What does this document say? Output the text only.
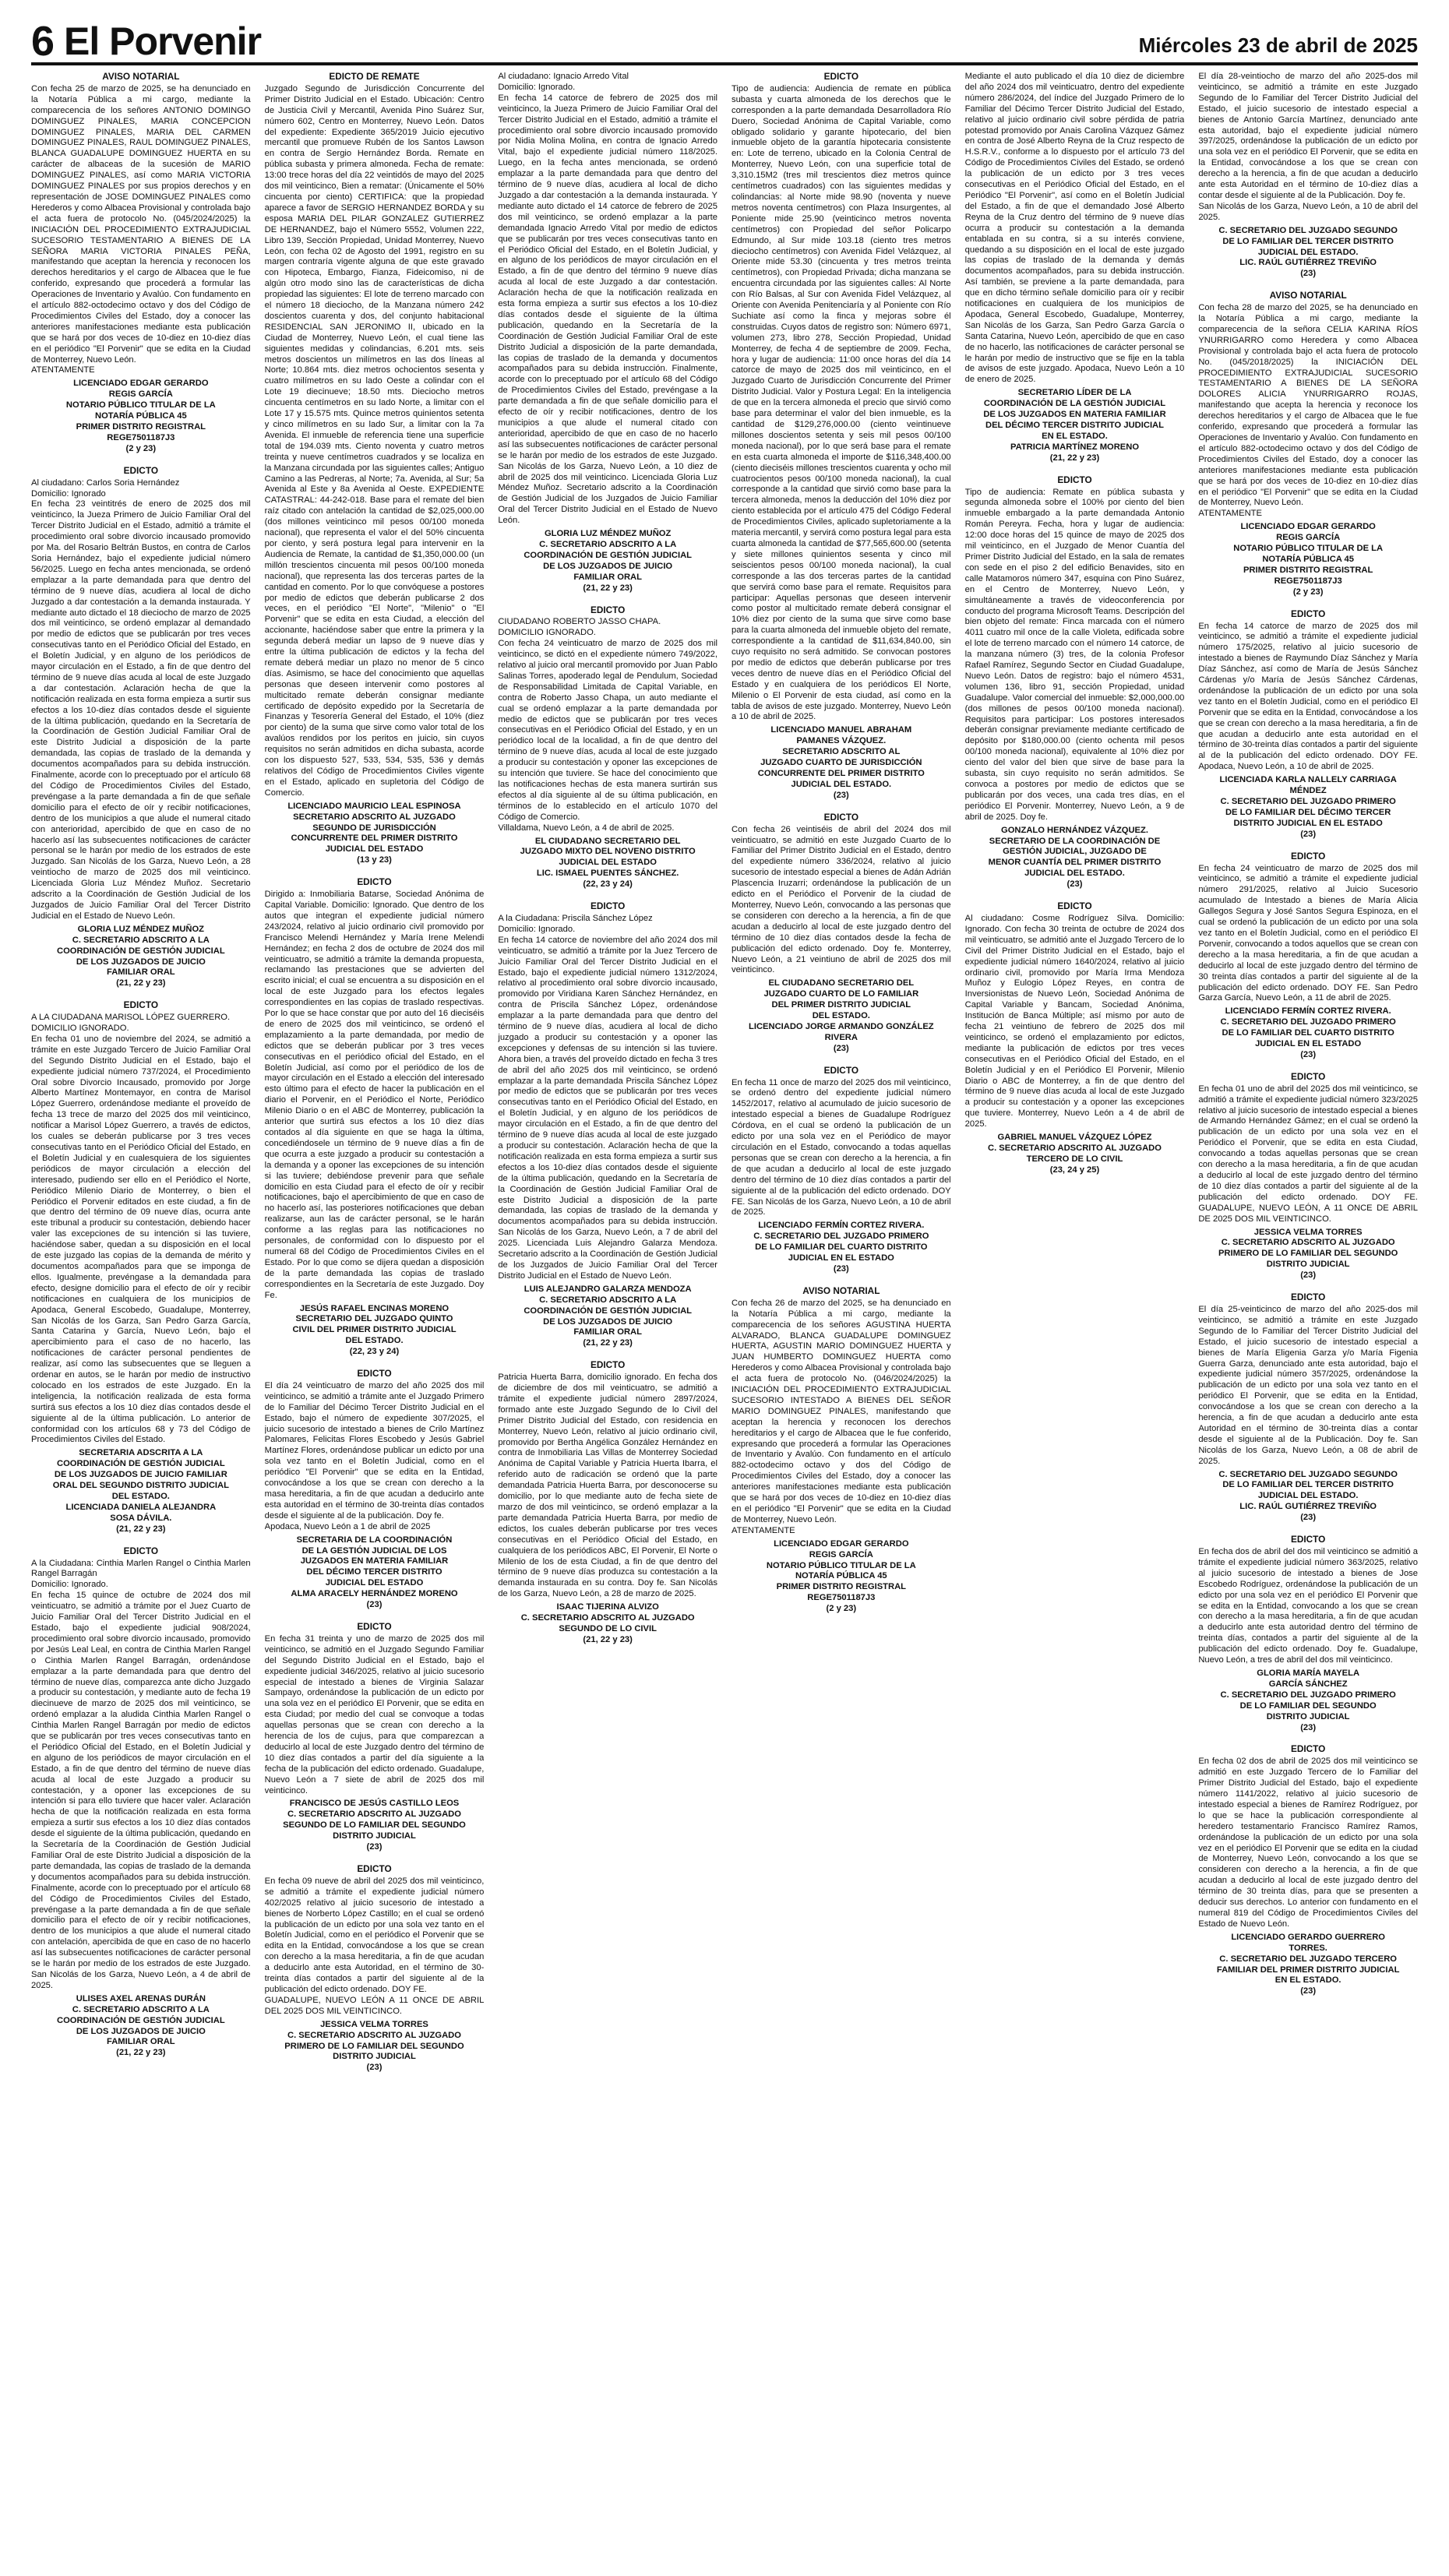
6 El Porvenir	Miércoles 23 de abril de 2025
AVISO NOTARIAL
Con fecha 25 de marzo de 2025, se ha denunciado en la Notaría Pública a mi cargo, mediante la comparecencia de los señores ANTONIO DOMINGO DOMINGUEZ PINALES, MARIA CONCEPCION DOMINGUEZ PINALES, MARIA DEL CARMEN DOMINGUEZ PINALES, RAUL DOMINGUEZ PINALES, BLANCA GUADALUPE DOMINGUEZ HUERTA en su carácter de albaceas de la sucesión de MARIO DOMINGUEZ PINALES, así como MARIA VICTORIA DOMINGUEZ PINALES por sus propios derechos y en representación de JOSE DOMINGUEZ PINALES como Herederos y como Albacea Provisional y controlada bajo el acta fuera de protocolo No. (045/2024/2025) la INICIACIÓN DEL PROCEDIMIENTO EXTRAJUDICIAL SUCESORIO TESTAMENTARIO A BIENES DE LA SEÑORA MARIA VICTORIA PINALES PEÑA, manifestando que aceptan la herencia y reconocen los derechos hereditarios y el cargo de Albacea que le fue conferido, expresando que procederá a formular las Operaciones de Inventario y Avalúo. Con fundamento en el artículo 882-octodecimo octavo y dos del Código de Procedimientos Civiles del Estado, doy a conocer las anteriores manifestaciones mediante esta publicación que se hará por dos veces de 10-diez en 10-diez días en el periódico "El Porvenir" que se edita en la Ciudad de Monterrey, Nuevo León.
ATENTAMENTE
LICENCIADO EDGAR GERARDO
REGIS GARCÍA
NOTARIO PÚBLICO TITULAR DE LA
NOTARÍA PÚBLICA 45
PRIMER DISTRITO REGISTRAL
REGE7501187J3
(2 y 23)
EDICTO
Al ciudadano: Carlos Soria Hernández
Domicilio: Ignorado
En fecha 23 veintitrés de enero de 2025 dos mil veinticinco, la Jueza Primero de Juicio Familiar Oral del Tercer Distrito Judicial en el Estado, admitió a trámite el procedimiento oral sobre divorcio incausado promovido por Ma. del Rosario Beltrán Bustos, en contra de Carlos Soria Hernández, bajo el expediente judicial número 56/2025. Luego en fecha antes mencionada, se ordenó emplazar a la parte demandada para que dentro del término de 9 nueve días, acudiera al local de dicho Juzgado a dar contestación a la demanda instaurada. Y mediante auto dictado el 18 dieciocho de marzo de 2025 dos mil veinticinco, se ordenó emplazar al demandado por medio de edictos que se publicarán por tres veces consecutivas tanto en el Periódico Oficial del Estado, en el Boletín Judicial, y en alguno de los periódicos de mayor circulación en el Estado, a fin de que dentro del término de 9 nueve días acuda al local de este Juzgado a dar contestación. Aclaración hecha de que la notificación realizada en esta forma empieza a surtir sus efectos a los 10-diez días contados desde el siguiente de la última publicación, quedando en la Secretaría de la Coordinación de Gestión Judicial Familiar Oral de este Distrito Judicial a disposición de la parte demandada, las copias de traslado de la demanda y documentos acompañados para su debida instrucción. Finalmente, acorde con lo preceptuado por el artículo 68 del Código de Procedimientos Civiles del Estado, prevéngase a la parte demandada a fin de que señale domicilio para el efecto de oír y recibir notificaciones, dentro de los municipios a que alude el numeral citado con anterioridad, apercibido de que en caso de no hacerlo así las subsecuentes notificaciones de carácter personal se le harán por medio de los estrados de este Juzgado. San Nicolás de los Garza, Nuevo León, a 28 veintiocho de marzo de 2025 dos mil veinticinco. Licenciada Gloria Luz Méndez Muñoz. Secretario adscrito a la Coordinación de Gestión Judicial de los Juzgados de Juicio Familiar Oral del Tercer Distrito Judicial en el Estado de Nuevo León.
GLORIA LUZ MÉNDEZ MUÑOZ
C. SECRETARIO ADSCRITO A LA
COORDINACIÓN DE GESTIÓN JUDICIAL
DE LOS JUZGADOS DE JUICIO
FAMILIAR ORAL
(21, 22 y 23)
EDICTO
A LA CIUDADANA MARISOL LÓPEZ GUERRERO.
DOMICILIO IGNORADO.
En fecha 01 uno de noviembre del 2024, se admitió a trámite en este Juzgado Tercero de Juicio Familiar Oral del Segundo Distrito Judicial en el Estado, bajo el expediente judicial número 737/2024, el Procedimiento Oral sobre Divorcio Incausado, promovido por Jorge Alberto Martínez Montemayor, en contra de Marisol López Guerrero, ordenándose mediante el proveído de fecha 13 trece de marzo del 2025 dos mil veinticinco, notificar a Marisol López Guerrero, a través de edictos, los cuales se deberán publicarse por 3 tres veces consecutivas tanto en el Periódico Oficial del Estado, en el Boletín Judicial y en cualesquiera de los siguientes periódicos de mayor circulación a elección del interesado, pudiendo ser ello en el Periódico el Norte, Periódico Milenio Diario de Monterrey, o bien el Periódico el Porvenir editados en este ciudad, a fin de que dentro del término de 09 nueve días, ocurra ante este tribunal a producir su contestación, debiendo hacer valer las excepciones de su intención si las tuviere, haciéndose saber, quedan a su disposición en el local de este juzgado las copias de la demanda de mérito y documentos acompañados para que se imponga de ellos. Igualmente, prevéngase a la demandada para efecto, designe domicilio para el efecto de oír y recibir notificaciones en cualquiera de los municipios de Apodaca, General Escobedo, Guadalupe, Monterrey, San Nicolás de los Garza, San Pedro Garza García, Santa Catarina y García, Nuevo León, bajo el apercibimiento para el caso de no hacerlo, las notificaciones de carácter personal pendientes de realizar, así como las subsecuentes que se lleguen a ordenar en autos, se le harán por medio de instructivo colocado en los estrados de este Juzgado. En la inteligencia, la notificación realizada de esta forma surtirá sus efectos a los 10 diez días contados desde el siguiente al de la última publicación. Lo anterior de conformidad con los artículos 68 y 73 del Código de Procedimientos Civiles del Estado.
SECRETARIA ADSCRITA A LA
COORDINACIÓN DE GESTIÓN JUDICIAL
DE LOS JUZGADOS DE JUICIO FAMILIAR
ORAL DEL SEGUNDO DISTRITO JUDICIAL
DEL ESTADO.
LICENCIADA DANIELA ALEJANDRA
SOSA DÁVILA.
(21, 22 y 23)
EDICTO
A la Ciudadana: Cinthia Marlen Rangel o Cinthia Marlen Rangel Barragán
Domicilio: Ignorado.
En fecha 15 quince de octubre de 2024 dos mil veinticuatro, se admitió a trámite por el Juez Cuarto de Juicio Familiar Oral del Tercer Distrito Judicial en el Estado, bajo el expediente judicial 908/2024, procedimiento oral sobre divorcio incausado, promovido por Jesús Leal Leal, en contra de Cinthia Marlen Rangel o Cinthia Marlen Rangel Barragán, ordenándose emplazar a la parte demandada para que dentro del término de nueve días, comparezca ante dicho Juzgado a producir su contestación, y mediante auto de fecha 19 diecinueve de marzo de 2025 dos mil veinticinco, se ordenó emplazar a la aludida Cinthia Marlen Rangel o Cinthia Marlen Rangel Barragán por medio de edictos que se publicarán por tres veces consecutivas tanto en el Periódico Oficial del Estado, en el Boletín Judicial y en alguno de los periódicos de mayor circulación en el Estado, a fin de que dentro del término de nueve días acuda al local de este Juzgado a producir su contestación, y a oponer las excepciones de su intención si para ello tuviere que hacer valer. Aclaración hecha de que la notificación realizada en esta forma empieza a surtir sus efectos a los 10 diez días contados desde el siguiente de la última publicación, quedando en la Secretaría de la Coordinación de Gestión Judicial Familiar Oral de este Distrito Judicial a disposición de la parte demandada, las copias de traslado de la demanda y documentos acompañados para su debida instrucción. Finalmente, acorde con lo preceptuado por el artículo 68 del Código de Procedimientos Civiles del Estado, prevéngase a la parte demandada a fin de que señale domicilio para el efecto de oír y recibir notificaciones, dentro de los municipios a que alude el numeral citado con antelación, apercibida de que en caso de no hacerlo así las subsecuentes notificaciones de carácter personal se le harán por medio de los estrados de este Juzgado. San Nicolás de los Garza, Nuevo León, a 4 de abril de 2025.
ULISES AXEL ARENAS DURÁN
C. SECRETARIO ADSCRITO A LA
COORDINACIÓN DE GESTIÓN JUDICIAL
DE LOS JUZGADOS DE JUICIO
FAMILIAR ORAL
(21, 22 y 23)
EDICTO DE REMATE
Juzgado Segundo de Jurisdicción Concurrente del Primer Distrito Judicial en el Estado. Ubicación: Centro de Justicia Civil y Mercantil, Avenida Pino Suárez Sur, número 602, Centro en Monterrey, Nuevo León. Datos del expediente: Expediente 365/2019 Juicio ejecutivo mercantil que promueve Rubén de los Santos Lawson en contra de Sergio Hernández Borda. Remate en pública subasta y primera almoneda. Fecha de remate: 13:00 trece horas del día 22 veintidós de mayo del 2025 dos mil veinticinco, Bien a rematar: (Únicamente el 50% cincuenta por ciento) CERTIFICA: que la propiedad aparece a favor de SERGIO HERNANDEZ BORDA y su esposa MARIA DEL PILAR GONZALEZ GUTIERREZ DE HERNANDEZ, bajo el Número 5552, Volumen 222, Libro 139, Sección Propiedad, Unidad Monterrey, Nuevo León, con fecha 02 de Agosto del 1991, registro en su margen contraría vigente alguna de que este gravado con Hipoteca, Embargo, Fianza, Fideicomiso, ni de algún otro modo sino las de características de dicha propiedad las siguientes: El lote de terreno marcado con el número 18 dieciocho, de la Manzana número 242 doscientos cuarenta y dos, del conjunto habitacional RESIDENCIAL SAN JERONIMO II, ubicado en la Ciudad de Monterrey, Nuevo León, el cual tiene las siguientes medidas y colindancias, 6.201 mts. seis metros doscientos un milímetros en las dos líneas al Norte; 10.864 mts. diez metros ochocientos sesenta y cuatro milímetros en su lado Oeste a colindar con el Lote 19 diecinueve; 18.50 mts. Dieciocho metros cincuenta centímetros en su lado Norte, a limitar con el Lote 17 y 15.575 mts. Quince metros quinientos setenta y cinco milímetros en su lado Sur, a limitar con la 7a Avenida. El inmueble de referencia tiene una superficie total de 194.039 mts. Ciento noventa y cuatro metros treinta y nueve centímetros cuadrados y se localiza en la Manzana circundada por las siguientes calles; Antiguo Camino a las Pedreras, al Norte; 7a. Avenida, al Sur; 5a Avenida al Este y 8a Avenida al Oeste. EXPEDIENTE CATASTRAL: 44-242-018. Base para el remate del bien raíz citado con antelación la cantidad de $2,025,000.00 (dos millones veinticinco mil pesos 00/100 moneda nacional), que representa el valor el del 50% cincuenta por ciento, y será postura legal para intervenir en la Audiencia de Remate, la cantidad de $1,350,000.00 (un millón trescientos cincuenta mil pesos 00/100 moneda nacional), que representa las dos terceras partes de la cantidad en comento. Por lo que convóquese a postores por medio de edictos que deberán publicarse 2 dos veces, en el periódico "El Norte", "Milenio" o "El Porvenir" que se edita en esta Ciudad, a elección del accionante, haciéndose saber que entre la primera y la segunda deberá mediar un lapso de 9 nueve días y entre la última publicación de edictos y la fecha del remate deberá mediar un plazo no menor de 5 cinco días. Asimismo, se hace del conocimiento que aquellas personas que deseen intervenir como postores al multicitado remate deberán consignar mediante certificado de depósito expedido por la Secretaría de Finanzas y Tesorería General del Estado, el 10% (diez por ciento) de la suma que sirve como valor total de los avalúos rendidos por los peritos en juicio, sin cuyos requisitos no serán admitidos en dicha subasta, acorde con los dispuesto 527, 533, 534, 535, 536 y demás relativos del Código de Procedimientos Civiles vigente en el Estado, aplicado en supletoria del Código de Comercio.
LICENCIADO MAURICIO LEAL ESPINOSA
SECRETARIO ADSCRITO AL JUZGADO
SEGUNDO DE JURISDICCIÓN
CONCURRENTE DEL PRIMER DISTRITO
JUDICIAL DEL ESTADO
(13 y 23)
EDICTO
Dirigido a: Inmobiliaria Batarse, Sociedad Anónima de Capital Variable. Domicilio: Ignorado. Que dentro de los autos que integran el expediente judicial número 243/2024, relativo al juicio ordinario civil promovido por Francisco Melendi Hernández y María Irene Melendi Hernández; en fecha 2 dos de octubre de 2024 dos mil veinticuatro, se admitió a trámite la demanda propuesta, reclamando las prestaciones que se advierten del escrito inicial; el cual se encuentra a su disposición en el local de este Juzgado para los efectos legales correspondientes en las copias de traslado respectivas. Por lo que se hace constar que por auto del 16 dieciséis de enero de 2025 dos mil veinticinco, se ordenó el emplazamiento a la parte demandada, por medio de edictos que se deberán publicar por 3 tres veces consecutivas en el periódico oficial del Estado, en el Boletín Judicial, así como por el periódico de los de mayor circulación en el Estado a elección del interesado esto último para el efecto de hacer la publicación en el diario el Porvenir, en el Periódico el Norte, Periódico Milenio Diario o en el ABC de Monterrey, publicación la anterior que surtirá sus efectos a los 10 diez días contados al día siguiente en que se haga la última, concediéndosele un término de 9 nueve días a fin de que ocurra a este juzgado a producir su contestación a la demanda y a oponer las excepciones de su intención si las tuviere; debiéndose prevenir para que señale domicilio en esta Ciudad para el efecto de oír y recibir notificaciones, bajo el apercibimiento de que en caso de no hacerlo así, las posteriores notificaciones que deban realizarse, aun las de carácter personal, se le harán conforme a las reglas para las notificaciones no personales, de conformidad con lo dispuesto por el numeral 68 del Código de Procedimientos Civiles en el Estado. Por lo que como se dijera quedan a disposición de la parte demandada las copias de traslado correspondientes en la Secretaría de este Juzgado. Doy Fe.
JESÚS RAFAEL ENCINAS MORENO
SECRETARIO DEL JUZGADO QUINTO
CIVIL DEL PRIMER DISTRITO JUDICIAL
DEL ESTADO.
(22, 23 y 24)
EDICTO
El día 24 veinticuatro de marzo del año 2025 dos mil veinticinco, se admitió a trámite ante el Juzgado Primero de lo Familiar del Décimo Tercer Distrito Judicial en el Estado, bajo el número de expediente 307/2025, el juicio sucesorio de intestado a bienes de Crilo Martínez Palomares, Felicitas Flores Escobedo y Jesús Gabriel Martínez Flores, ordenándose publicar un edicto por una sola vez tanto en el Boletín Judicial, como en el periódico "El Porvenir" que se edita en la Entidad, convocándose a los que se crean con derecho a la masa hereditaria, a fin de que acudan a deducirlo ante esta autoridad en el término de 30-treinta días contados desde el siguiente al de la publicación. Doy fe.
Apodaca, Nuevo León a 1 de abril de 2025
SECRETARIA DE LA COORDINACIÓN
DE LA GESTIÓN JUDICIAL DE LOS
JUZGADOS EN MATERIA FAMILIAR
DEL DÉCIMO TERCER DISTRITO
JUDICIAL DEL ESTADO
ALMA ARACELY HERNÁNDEZ MORENO
(23)
EDICTO
En fecha 31 treinta y uno de marzo de 2025 dos mil veinticinco, se admitió en el Juzgado Segundo Familiar del Segundo Distrito Judicial en el Estado, bajo el expediente judicial 346/2025, relativo al juicio sucesorio especial de intestado a bienes de Virginia Salazar Sampayo, ordenándose la publicación de un edicto por una sola vez en el periódico El Porvenir, que se edita en esta Ciudad; por medio del cual se convoque a todas aquellas personas que se crean con derecho a la herencia de los de cujus, para que comparezcan a deducirlo al local de este Juzgado dentro del término de 10 diez días contados a partir del día siguiente a la fecha de la publicación del edicto ordenado. Guadalupe, Nuevo León a 7 siete de abril de 2025 dos mil veinticinco.
FRANCISCO DE JESÚS CASTILLO LEOS
C. SECRETARIO ADSCRITO AL JUZGADO
SEGUNDO DE LO FAMILIAR DEL SEGUNDO
DISTRITO JUDICIAL
(23)
EDICTO
En fecha 09 nueve de abril del 2025 dos mil veinticinco, se admitió a trámite el expediente judicial número 402/2025 relativo al juicio sucesorio de intestado a bienes de Norberto López Castillo; en el cual se ordenó la publicación de un edicto por una sola vez tanto en el Boletín Judicial, como en el periódico el Porvenir que se edita en la Entidad, convocándose a los que se crean con derecho a la masa hereditaria, a fin de que acudan a deducirlo ante esta Autoridad, en el término de 30-treinta días contados a partir del siguiente al de la publicación del edicto ordenado. DOY FE.
GUADALUPE, NUEVO LEÓN A 11 ONCE DE ABRIL DEL 2025 DOS MIL VEINTICINCO.
JESSICA VELMA TORRES
C. SECRETARIO ADSCRITO AL JUZGADO
PRIMERO DE LO FAMILIAR DEL SEGUNDO
DISTRITO JUDICIAL
(23)
Al ciudadano: Ignacio Arredo Vital
Domicilio: Ignorado.
En fecha 14 catorce de febrero de 2025 dos mil veinticinco, la Jueza Primero de Juicio Familiar Oral del Tercer Distrito Judicial en el Estado, admitió a trámite el procedimiento oral sobre divorcio incausado promovido por Nidia Molina Molina, en contra de Ignacio Arredo Vital, bajo el expediente judicial número 118/2025. Luego, en la fecha antes mencionada, se ordenó emplazar a la parte demandada para que dentro del término de 9 nueve días, acudiera al local de dicho Juzgado a dar contestación a la demanda instaurada. Y mediante auto dictado el 14 catorce de febrero de 2025 dos mil veinticinco, se ordenó emplazar a la parte demandada Ignacio Arredo Vital por medio de edictos que se publicarán por tres veces consecutivas tanto en el Periódico Oficial del Estado, en el Boletín Judicial, y en alguno de los periódicos de mayor circulación en el Estado, a fin de que dentro del término 9 nueve días acuda al local de este Juzgado a dar contestación. Aclaración hecha de que la notificación realizada en esta forma empieza a surtir sus efectos a los 10-diez días contados desde el siguiente de la última publicación, quedando en la Secretaría de la Coordinación de Gestión Judicial Familiar Oral de este Distrito Judicial a disposición de la parte demandada, las copias de traslado de la demanda y documentos acompañados para su debida instrucción. Finalmente, acorde con lo preceptuado por el artículo 68 del Código de Procedimientos Civiles del Estado, prevéngase a la parte demandada a fin de que señale domicilio para el efecto de oír y recibir notificaciones, dentro de los municipios a que alude el numeral citado con anterioridad, apercibido de que en caso de no hacerlo así las subsecuentes notificaciones de carácter personal se le harán por medio de los estrados de este Juzgado. San Nicolás de los Garza, Nuevo León, a 10 diez de abril de 2025 dos mil veinticinco. Licenciada Gloria Luz Méndez Muñoz. Secretario adscrito a la Coordinación de Gestión Judicial de los Juzgados de Juicio Familiar Oral del Tercer Distrito Judicial en el Estado de Nuevo León.
GLORIA LUZ MÉNDEZ MUÑOZ
C. SECRETARIO ADSCRITO A LA
COORDINACIÓN DE GESTIÓN JUDICIAL
DE LOS JUZGADOS DE JUICIO
FAMILIAR ORAL
(21, 22 y 23)
EDICTO
CIUDADANO ROBERTO JASSO CHAPA.
DOMICILIO IGNORADO.
Con fecha 24 veinticuatro de marzo de 2025 dos mil veinticinco, se dictó en el expediente número 749/2022, relativo al juicio oral mercantil promovido por Juan Pablo Salinas Torres, apoderado legal de Pendulum, Sociedad de Responsabilidad Limitada de Capital Variable, en contra de Roberto Jasso Chapa, un auto mediante el cual se ordenó emplazar a la parte demandada por medio de edictos que se publicarán por tres veces consecutivas en el Periódico Oficial del Estado, y en un periódico local de la localidad, a fin de que dentro del término de 9 nueve días, acuda al local de este juzgado a producir su contestación y oponer las excepciones de su intención que tuviere. Se hace del conocimiento que las notificaciones hechas de esta manera surtirán sus efectos al día siguiente al de su última publicación, en términos de lo establecido en el artículo 1070 del Código de Comercio.
Villaldama, Nuevo León, a 4 de abril de 2025.
EL CIUDADANO SECRETARIO DEL
JUZGADO MIXTO DEL NOVENO DISTRITO
JUDICIAL DEL ESTADO
LIC. ISMAEL PUENTES SÁNCHEZ.
(22, 23 y 24)
EDICTO
A la Ciudadana: Priscila Sánchez López
Domicilio: Ignorado.
En fecha 14 catorce de noviembre del año 2024 dos mil veinticuatro, se admitió a trámite por la Juez Tercero de Juicio Familiar Oral del Tercer Distrito Judicial en el Estado, bajo el expediente judicial número 1312/2024, relativo al procedimiento oral sobre divorcio incausado, promovido por Viridiana Karen Sánchez Hernández, en contra de Priscila Sánchez López, ordenándose emplazar a la parte demandada para que dentro del término de 9 nueve días, acudiera al local de dicho juzgado a producir su contestación y a oponer las excepciones y defensas de su intención si las tuviere. Ahora bien, a través del proveído dictado en fecha 3 tres de abril del año 2025 dos mil veinticinco, se ordenó emplazar a la parte demandada Priscila Sánchez López por medio de edictos que se publicarán por tres veces consecutivas tanto en el Periódico Oficial del Estado, en el Boletín Judicial, y en alguno de los periódicos de mayor circulación en el Estado, a fin de que dentro del término de 9 nueve días acuda al local de este juzgado a producir su contestación. Aclaración hecha de que la notificación realizada en esta forma empieza a surtir sus efectos a los 10-diez días contados desde el siguiente de la última publicación, quedando en la Secretaría de la Coordinación de Gestión Judicial Familiar Oral de este Distrito Judicial a disposición de la parte demandada, las copias de traslado de la demanda y documentos acompañados para su debida instrucción. San Nicolás de los Garza, Nuevo León, a 7 de abril del 2025. Licenciada Luis Alejandro Galarza Mendoza. Secretario adscrito a la Coordinación de Gestión Judicial de los Juzgados de Juicio Familiar Oral del Tercer Distrito Judicial en el Estado de Nuevo León.
LUIS ALEJANDRO GALARZA MENDOZA
C. SECRETARIO ADSCRITO A LA
COORDINACIÓN DE GESTIÓN JUDICIAL
DE LOS JUZGADOS DE JUICIO
FAMILIAR ORAL
(21, 22 y 23)
EDICTO
Patricia Huerta Barra, domicilio ignorado. En fecha dos de diciembre de dos mil veinticuatro, se admitió a trámite el expediente judicial número 2897/2024, formado ante este Juzgado Segundo de lo Civil del Primer Distrito Judicial del Estado, con residencia en Monterrey, Nuevo León, relativo al juicio ordinario civil, promovido por Bertha Angélica González Hernández en contra de Inmobiliaria Las Villas de Monterrey Sociedad Anónima de Capital Variable y Patricia Huerta Ibarra, el referido auto de radicación se ordenó que la parte demandada Patricia Huerta Barra, por desconocerse su domicilio, por lo que mediante auto de fecha siete de marzo de dos mil veinticinco, se ordenó emplazar a la parte demandada Patricia Huerta Barra, por medio de edictos, los cuales deberán publicarse por tres veces consecutivas en el Periódico Oficial del Estado, en cualquiera de los periódicos ABC, El Porvenir, El Norte o Milenio de los de esta Ciudad, a fin de que dentro del término de 9 nueve días produzca su contestación a la demanda instaurada en su contra. Doy fe. San Nicolás de los Garza, Nuevo León, a 28 de marzo de 2025.
ISAAC TIJERINA ALVIZO
C. SECRETARIO ADSCRITO AL JUZGADO
SEGUNDO DE LO CIVIL
(21, 22 y 23)
EDICTO
Tipo de audiencia: Audiencia de remate en pública subasta y cuarta almoneda de los derechos que le corresponden a la parte demandada Desarrolladora Río Duero, Sociedad Anónima de Capital Variable, como obligado solidario y garante hipotecario, del bien inmueble objeto de la garantía hipotecaria consistente en: Lote de terreno, ubicado en la Colonia Central de Monterrey, Nuevo León, con una superficie total de 3,310.15M2 (tres mil trescientos diez metros quince centímetros cuadrados) con las siguientes medidas y colindancias: al Norte mide 98.90 (noventa y nueve metros noventa centímetros) con Plaza Insurgentes, al Poniente mide 25.90 (veinticinco metros noventa centímetros) con Propiedad del señor Policarpo Edmundo, al Sur mide 103.18 (ciento tres metros dieciocho centímetros) con Avenida Fidel Velázquez, al Oriente mide 53.30 (cincuenta y tres metros treinta centímetros), con Propiedad Privada; dicha manzana se encuentra circundada por las siguientes calles: Al Norte con Río Balsas, al Sur con Avenida Fidel Velázquez, al Oriente con Avenida Penitenciaría y al Poniente con Río Suchiate así como la finca y mejoras sobre él construidas. Cuyos datos de registro son: Número 6971, volumen 273, libro 278, Sección Propiedad, Unidad Monterrey, de fecha 4 de septiembre de 2009. Fecha, hora y lugar de audiencia: 11:00 once horas del día 14 catorce de mayo de 2025 dos mil veinticinco, en el Juzgado Cuarto de Jurisdicción Concurrente del Primer Distrito Judicial. Valor y Postura Legal: En la inteligencia de que en la tercera almoneda el precio que sirvió como base para determinar el valor del bien inmueble, es la cantidad de $129,276,000.00 (ciento veintinueve millones doscientos setenta y seis mil pesos 00/100 moneda nacional), por lo que será base para el remate en esta cuarta almoneda el importe de $116,348,400.00 (ciento dieciséis millones trescientos cuarenta y ocho mil cuatrocientos pesos 00/100 moneda nacional), la cual corresponde a la cantidad que sirvió como base para la tercera almoneda, menos la deducción del 10% diez por ciento establecida por el artículo 475 del Código Federal de Procedimientos Civiles, aplicado supletoriamente a la materia mercantil, y servirá como postura legal para esta cuarta almoneda la cantidad de $77,565,600.00 (setenta y siete millones quinientos sesenta y cinco mil seiscientos pesos 00/100 moneda nacional), la cual corresponde a las dos terceras partes de la cantidad que servirá como base para el remate. Requisitos para participar: Aquellas personas que deseen intervenir como postor al multicitado remate deberá consignar el 10% diez por ciento de la suma que sirve como base para la cuarta almoneda del inmueble objeto del remate, correspondiente a la cantidad de $11,634,840.00, sin cuyo requisito no será admitido. Se convocan postores por medio de edictos que deberán publicarse por tres veces dentro de nueve días en el Periódico Oficial del Estado y en cualquiera de los periódicos El Norte, Milenio o El Porvenir de esta ciudad, así como en la tabla de avisos de este juzgado. Monterrey, Nuevo León a 10 de abril de 2025.
LICENCIADO MANUEL ABRAHAM
PAMANES VÁZQUEZ.
SECRETARIO ADSCRITO AL
JUZGADO CUARTO DE JURISDICCIÓN
CONCURRENTE DEL PRIMER DISTRITO
JUDICIAL DEL ESTADO.
(23)
EDICTO
Con fecha 26 veintiséis de abril del 2024 dos mil veinticuatro, se admitió en este Juzgado Cuarto de lo Familiar del Primer Distrito Judicial en el Estado, dentro del expediente número 336/2024, relativo al juicio sucesorio de intestado especial a bienes de Adán Adrián Plascencia Iruzarri; ordenándose la publicación de un edicto en el Periódico el Porvenir de la ciudad de Monterrey, Nuevo León, convocando a las personas que se consideren con derecho a la herencia, a fin de que acudan a deducirlo al local de este juzgado dentro del término de 10 diez días contados desde la fecha de publicación del edicto ordenado. Doy fe. Monterrey, Nuevo León, a 21 veintiuno de abril de 2025 dos mil veinticinco.
EL CIUDADANO SECRETARIO DEL
JUZGADO CUARTO DE LO FAMILIAR
DEL PRIMER DISTRITO JUDICIAL
DEL ESTADO.
LICENCIADO JORGE ARMANDO GONZÁLEZ
RIVERA
(23)
EDICTO
En fecha 11 once de marzo del 2025 dos mil veinticinco, se ordenó dentro del expediente judicial número 1452/2017, relativo al acumulado de juicio sucesorio de intestado especial a bienes de Guadalupe Rodríguez Córdova, en el cual se ordenó la publicación de un edicto por una sola vez en el Periódico de mayor circulación en el Estado, convocando a todas aquellas personas que se crean con derecho a la herencia, a fin de que acudan a deducirlo al local de este juzgado dentro del término de 10 diez días contados a partir del siguiente al de la publicación del edicto ordenado. DOY FE. San Nicolás de los Garza, Nuevo León, a 10 de abril de 2025.
LICENCIADO FERMÍN CORTEZ RIVERA.
C. SECRETARIO DEL JUZGADO PRIMERO
DE LO FAMILIAR DEL CUARTO DISTRITO
JUDICIAL EN EL ESTADO
(23)
AVISO NOTARIAL
Con fecha 26 de marzo del 2025, se ha denunciado en la Notaría Pública a mi cargo, mediante la comparecencia de los señores AGUSTINA HUERTA ALVARADO, BLANCA GUADALUPE DOMINGUEZ HUERTA, AGUSTIN MARIO DOMINGUEZ HUERTA y JUAN HUMBERTO DOMINGUEZ HUERTA como Herederos y como Albacea Provisional y controlada bajo el acta fuera de protocolo No. (046/2024/2025) la INICIACIÓN DEL PROCEDIMIENTO EXTRAJUDICIAL SUCESORIO INTESTADO A BIENES DEL SEÑOR MARIO DOMINGUEZ PINALES, manifestando que aceptan la herencia y reconocen los derechos hereditarios y el cargo de Albacea que le fue conferido, expresando que procederá a formular las Operaciones de Inventario y Avalúo. Con fundamento en el artículo 882-octodecimo octavo y dos del Código de Procedimientos Civiles del Estado, doy a conocer las anteriores manifestaciones mediante esta publicación que se hará por dos veces de 10-diez en 10-diez días en el periódico "El Porvenir" que se edita en la Ciudad de Monterrey, Nuevo León.
ATENTAMENTE
LICENCIADO EDGAR GERARDO
REGIS GARCÍA
NOTARIO PÚBLICO TITULAR DE LA
NOTARÍA PÚBLICA 45
PRIMER DISTRITO REGISTRAL
REGE7501187J3
(2 y 23)
Mediante el auto publicado el día 10 diez de diciembre del año 2024 dos mil veinticuatro, dentro del expediente número 286/2024, del índice del Juzgado Primero de lo Familiar del Décimo Tercer Distrito Judicial del Estado, relativo al juicio ordinario civil sobre pérdida de patria potestad promovido por Anais Carolina Vázquez Gámez en contra de José Alberto Reyna de la Cruz respecto de H.S.R.V., conforme a lo dispuesto por el artículo 73 del Código de Procedimientos Civiles del Estado, se ordenó la publicación de un edicto por 3 tres veces consecutivas en el Periódico Oficial del Estado, en el Periódico "El Porvenir", así como en el Boletín Judicial del Estado, a fin de que el demandado José Alberto Reyna de la Cruz dentro del término de 9 nueve días ocurra a producir su contestación a la demanda entablada en su contra, si a su interés conviene, quedando a su disposición en el local de este juzgado las copias de traslado de la demanda y demás documentos acompañados, para su debida instrucción. Así también, se previene a la parte demandada, para que en dicho término señale domicilio para oír y recibir notificaciones en cualquiera de los municipios de Apodaca, General Escobedo, Guadalupe, Monterrey, San Nicolás de los Garza, San Pedro Garza García o Santa Catarina, Nuevo León, apercibido de que en caso de no hacerlo, las notificaciones de carácter personal se le harán por medio de instructivo que se fije en la tabla de avisos de este juzgado. Apodaca, Nuevo León a 10 de enero de 2025.
SECRETARIO LÍDER DE LA
COORDINACIÓN DE LA GESTIÓN JUDICIAL
DE LOS JUZGADOS EN MATERIA FAMILIAR
DEL DÉCIMO TERCER DISTRITO JUDICIAL
EN EL ESTADO.
PATRICIA MARTÍNEZ MORENO
(21, 22 y 23)
EDICTO
Tipo de audiencia: Remate en pública subasta y segunda almoneda sobre el 100% por ciento del bien inmueble embargado a la parte demandada Antonio Román Pereyra. Fecha, hora y lugar de audiencia: 12:00 doce horas del 15 quince de mayo de 2025 dos mil veinticinco, en el Juzgado de Menor Cuantía del Primer Distrito Judicial del Estado, en la sala de remates con sede en el piso 2 del edificio Benavides, sito en calle Matamoros número 347, esquina con Pino Suárez, en el Centro de Monterrey, Nuevo León, y simultáneamente a través de videoconferencia por conducto del programa Microsoft Teams. Descripción del bien objeto del remate: Finca marcada con el número 4011 cuatro mil once de la calle Violeta, edificada sobre el lote de terreno marcado con el número 14 catorce, de la manzana número (3) tres, de la colonia Profesor Rafael Ramírez, Segundo Sector en Ciudad Guadalupe, Nuevo León. Datos de registro: bajo el número 4531, volumen 136, libro 91, sección Propiedad, unidad Guadalupe. Valor comercial del inmueble: $2,000,000.00 (dos millones de pesos 00/100 moneda nacional). Requisitos para participar: Los postores interesados deberán consignar previamente mediante certificado de depósito por $180,000.00 (ciento ochenta mil pesos 00/100 moneda nacional), equivalente al 10% diez por ciento del valor del bien que sirve de base para la subasta, sin cuyo requisito no serán admitidos. Se convoca a postores por medio de edictos que se publicarán por dos veces, una cada tres días, en el periódico El Porvenir. Monterrey, Nuevo León, a 9 de abril de 2025. Doy fe.
GONZALO HERNÁNDEZ VÁZQUEZ.
SECRETARIO DE LA COORDINACIÓN DE
GESTIÓN JUDICIAL, JUZGADO DE
MENOR CUANTÍA DEL PRIMER DISTRITO
JUDICIAL DEL ESTADO.
(23)
EDICTO
Al ciudadano: Cosme Rodríguez Silva. Domicilio: Ignorado. Con fecha 30 treinta de octubre de 2024 dos mil veinticuatro, se admitió ante el Juzgado Tercero de lo Civil del Primer Distrito Judicial en el Estado, bajo el expediente judicial número 1640/2024, relativo al juicio ordinario civil, promovido por María Irma Mendoza Muñoz y Eulogio López Reyes, en contra de Inversionistas de Nuevo León, Sociedad Anónima de Capital Variable y Bancam, Sociedad Anónima, Institución de Banca Múltiple; así mismo por auto de fecha 21 veintiuno de febrero de 2025 dos mil veinticinco, se ordenó el emplazamiento por edictos, mediante la publicación de edictos por tres veces consecutivas en el Periódico Oficial del Estado, en el Boletín Judicial y en el Periódico El Porvenir, Milenio Diario o ABC de Monterrey, a fin de que dentro del término de 9 nueve días acuda al local de este Juzgado a producir su contestación y a oponer las excepciones que tuviere. Monterrey, Nuevo León a 4 de abril de 2025.
GABRIEL MANUEL VÁZQUEZ LÓPEZ
C. SECRETARIO ADSCRITO AL JUZGADO
TERCERO DE LO CIVIL
(23, 24 y 25)
El día 28-veintiocho de marzo del año 2025-dos mil veinticinco, se admitió a trámite en este Juzgado Segundo de lo Familiar del Tercer Distrito Judicial del Estado, el juicio sucesorio de intestado especial a bienes de Antonio García Martínez, denunciado ante esta autoridad, bajo el expediente judicial número 397/2025, ordenándose la publicación de un edicto por una sola vez en el periódico El Porvenir, que se edita en la Entidad, convocándose a los que se crean con derecho a la herencia, a fin de que acudan a deducirlo ante esta Autoridad en el término de 10-diez días a contar desde el siguiente al de la Publicación. Doy fe.
San Nicolás de los Garza, Nuevo León, a 10 de abril del 2025.
C. SECRETARIO DEL JUZGADO SEGUNDO
DE LO FAMILIAR DEL TERCER DISTRITO
JUDICIAL DEL ESTADO.
LIC. RAÚL GUTIÉRREZ TREVIÑO
(23)
AVISO NOTARIAL
Con fecha 28 de marzo del 2025, se ha denunciado en la Notaría Pública a mi cargo, mediante la comparecencia de la señora CELIA KARINA RÍOS YNURRIGARRO como Heredera y como Albacea Provisional y controlada bajo el acta fuera de protocolo No. (045/2018/2025) la INICIACIÓN DEL PROCEDIMIENTO EXTRAJUDICIAL SUCESORIO TESTAMENTARIO A BIENES DE LA SEÑORA DOLORES ALICIA YNURRIGARRO ROJAS, manifestando que acepta la herencia y reconoce los derechos hereditarios y el cargo de Albacea que le fue conferido, expresando que procederá a formular las Operaciones de Inventario y Avalúo. Con fundamento en el artículo 882-octodecimo octavo y dos del Código de Procedimientos Civiles del Estado, doy a conocer las anteriores manifestaciones mediante esta publicación que se hará por dos veces de 10-diez en 10-diez días en el periódico "El Porvenir" que se edita en la Ciudad de Monterrey, Nuevo León.
ATENTAMENTE
LICENCIADO EDGAR GERARDO
REGIS GARCÍA
NOTARIO PÚBLICO TITULAR DE LA
NOTARÍA PÚBLICA 45
PRIMER DISTRITO REGISTRAL
REGE7501187J3
(2 y 23)
EDICTO
En fecha 14 catorce de marzo de 2025 dos mil veinticinco, se admitió a trámite el expediente judicial número 175/2025, relativo al juicio sucesorio de intestado a bienes de Raymundo Díaz Sánchez y María Díaz Sánchez, así como de María de Jesús Sánchez Cárdenas y/o María de Jesús Sánchez Cárdenas, ordenándose la publicación de un edicto por una sola vez tanto en el Boletín Judicial, como en el periódico El Porvenir que se edita en la Entidad, convocándose a los que se crean con derecho a la masa hereditaria, a fin de que acudan a deducirlo ante esta autoridad en el término de 30-treinta días contados a partir del siguiente al de la publicación del edicto ordenado. DOY FE. Apodaca, Nuevo León, a 10 de abril de 2025.
LICENCIADA KARLA NALLELY CARRIAGA
MÉNDEZ
C. SECRETARIO DEL JUZGADO PRIMERO
DE LO FAMILIAR DEL DÉCIMO TERCER
DISTRITO JUDICIAL EN EL ESTADO
(23)
EDICTO
En fecha 24 veinticuatro de marzo de 2025 dos mil veinticinco, se admitió a trámite el expediente judicial número 291/2025, relativo al Juicio Sucesorio acumulado de Intestado a bienes de María Alicia Gallegos Segura y José Santos Segura Espinoza, en el cual se ordenó la publicación de un edicto por una sola vez tanto en el Boletín Judicial, como en el periódico El Porvenir, convocando a todos aquellos que se crean con derecho a la masa hereditaria, a fin de que acudan a deducirlo al local de este juzgado dentro del término de 30 treinta días contados a partir del siguiente al de la publicación del edicto ordenado. DOY FE. San Pedro Garza García, Nuevo León, a 11 de abril de 2025.
LICENCIADO FERMÍN CORTEZ RIVERA.
C. SECRETARIO DEL JUZGADO PRIMERO
DE LO FAMILIAR DEL CUARTO DISTRITO
JUDICIAL EN EL ESTADO
(23)
EDICTO
En fecha 01 uno de abril del 2025 dos mil veinticinco, se admitió a trámite el expediente judicial número 323/2025 relativo al juicio sucesorio de intestado especial a bienes de Armando Hernández Gámez; en el cual se ordenó la publicación de un edicto por una sola vez en el Periódico el Porvenir, que se edita en esta Ciudad, convocando a todas aquellas personas que se crean con derecho a la masa hereditaria, a fin de que acudan a deducirlo al local de este juzgado dentro del término de 10 diez días contados a partir del siguiente al de la publicación del edicto ordenado. DOY FE. GUADALUPE, NUEVO LEÓN, A 11 ONCE DE ABRIL DE 2025 DOS MIL VEINTICINCO.
JESSICA VELMA TORRES
C. SECRETARIO ADSCRITO AL JUZGADO
PRIMERO DE LO FAMILIAR DEL SEGUNDO
DISTRITO JUDICIAL
(23)
EDICTO
El día 25-veinticinco de marzo del año 2025-dos mil veinticinco, se admitió a trámite en este Juzgado Segundo de lo Familiar del Tercer Distrito Judicial del Estado, el juicio sucesorio de intestado especial a bienes de María Eligenia Garza y/o María Figenia Guerra Garza, denunciado ante esta autoridad, bajo el expediente judicial número 357/2025, ordenándose la publicación de un edicto por una sola vez tanto en el periódico El Porvenir, que se edita en la Entidad, convocándose a los que se crean con derecho a la herencia, a fin de que acudan a deducirlo ante esta Autoridad en el término de 30-treinta días a contar desde el siguiente al de la Publicación. Doy fe. San Nicolás de los Garza, Nuevo León, a 08 de abril de 2025.
C. SECRETARIO DEL JUZGADO SEGUNDO
DE LO FAMILIAR DEL TERCER DISTRITO
JUDICIAL DEL ESTADO.
LIC. RAÚL GUTIÉRREZ TREVIÑO
(23)
EDICTO
En fecha dos de abril del dos mil veinticinco se admitió a trámite el expediente judicial número 363/2025, relativo al juicio sucesorio de intestado a bienes de Jose Escobedo Rodríguez, ordenándose la publicación de un edicto por una sola vez en el periódico El Porvenir que se edita en la Entidad, convocando a los que se crean con derecho a la masa hereditaria, a fin de que acudan a deducirlo ante esta autoridad dentro del término de treinta días, contados a partir del siguiente al de la publicación del edicto ordenado. Doy fe. Guadalupe, Nuevo León, a tres de abril del dos mil veinticinco.
GLORIA MARÍA MAYELA
GARCÍA SÁNCHEZ
C. SECRETARIO DEL JUZGADO PRIMERO
DE LO FAMILIAR DEL SEGUNDO
DISTRITO JUDICIAL
(23)
EDICTO
En fecha 02 dos de abril de 2025 dos mil veinticinco se admitió en este Juzgado Tercero de lo Familiar del Primer Distrito Judicial del Estado, bajo el expediente número 1141/2022, relativo al juicio sucesorio de intestado especial a bienes de Ramírez Rodríguez, por lo que se hace la publicación correspondiente al heredero testamentario Francisco Ramírez Ramos, ordenándose la publicación de un edicto por una sola vez en el periódico El Porvenir que se edita en la ciudad de Monterrey, Nuevo León, convocando a los que se consideren con derecho a la herencia, a fin de que acudan a deducirlo al local de este juzgado dentro del término de 30 treinta días, para que se presenten a deducir sus derechos. Lo anterior con fundamento en el numeral 819 del Código de Procedimientos Civiles del Estado de Nuevo León.
LICENCIADO GERARDO GUERRERO
TORRES.
C. SECRETARIO DEL JUZGADO TERCERO
FAMILIAR DEL PRIMER DISTRITO JUDICIAL
EN EL ESTADO.
(23)
